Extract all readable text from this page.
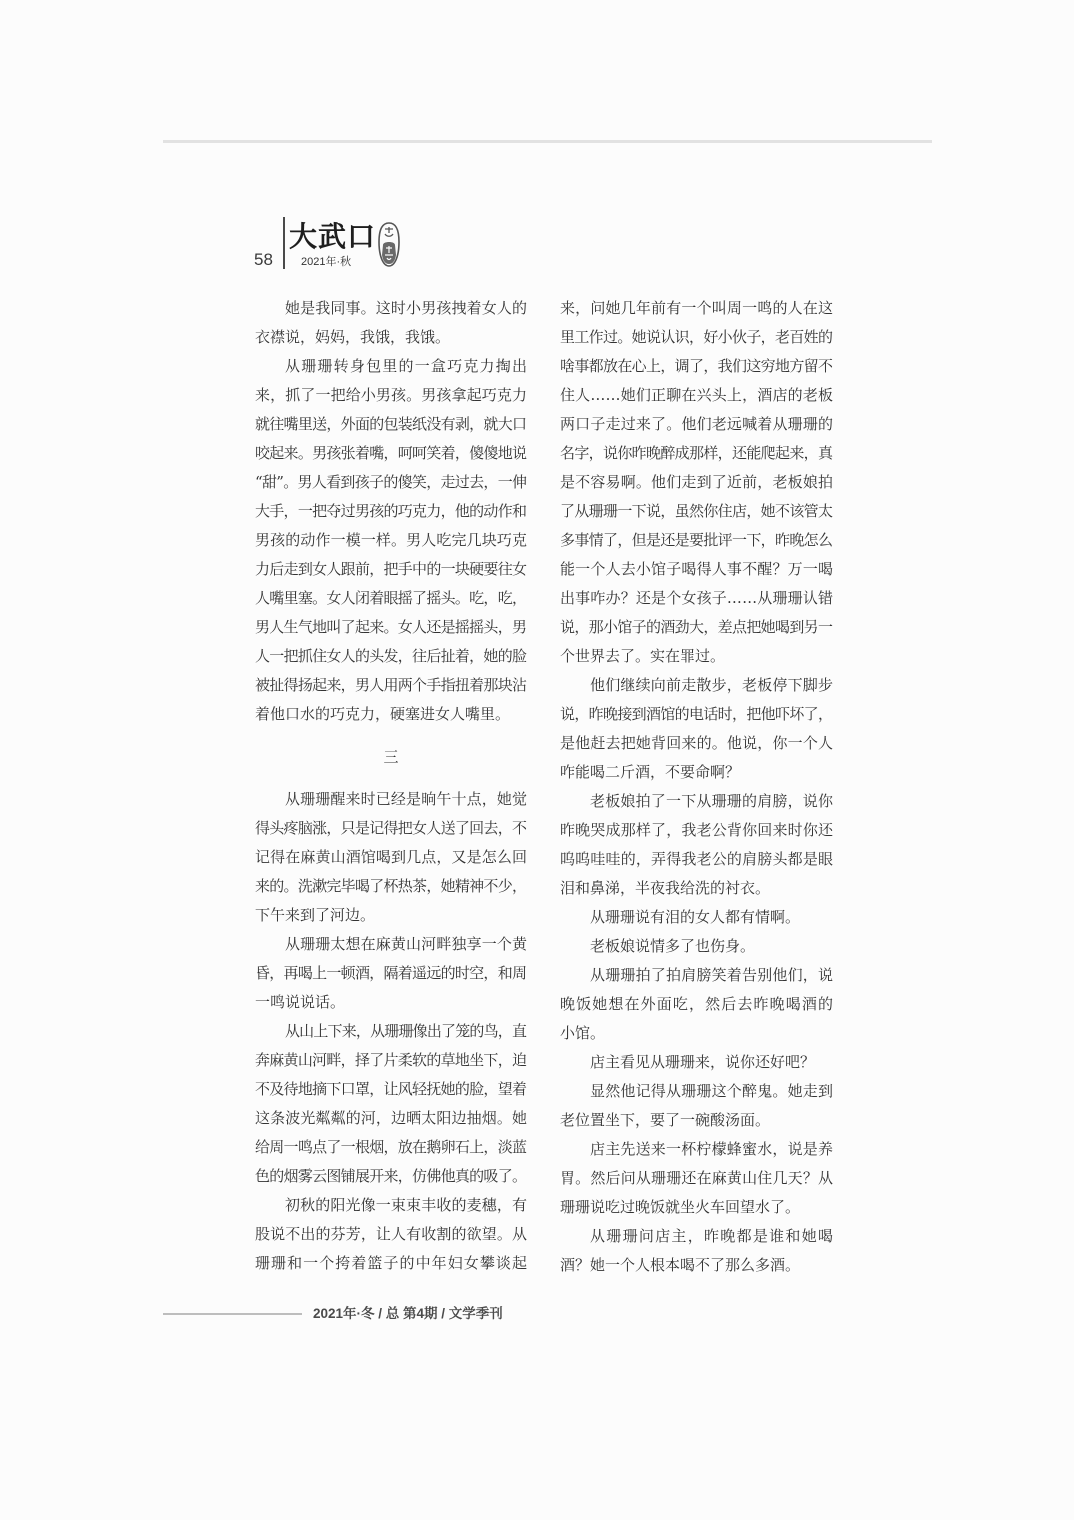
58
大武口
2021年·秋
她是我同事。这时小男孩拽着女人的
衣襟说，妈妈，我饿，我饿。
从珊珊转身包里的一盒巧克力掏出
来，抓了一把给小男孩。男孩拿起巧克力
就往嘴里送，外面的包装纸没有剥，就大口
咬起来。男孩张着嘴，呵呵笑着，傻傻地说
“甜”。男人看到孩子的傻笑，走过去，一伸
大手，一把夺过男孩的巧克力，他的动作和
男孩的动作一模一样。男人吃完几块巧克
力后走到女人跟前，把手中的一块硬要往女
人嘴里塞。女人闭着眼摇了摇头。吃，吃，
男人生气地叫了起来。女人还是摇摇头，男
人一把抓住女人的头发，往后扯着，她的脸
被扯得扬起来，男人用两个手指扭着那块沾
着他口水的巧克力，硬塞进女人嘴里。
三
从珊珊醒来时已经是晌午十点，她觉
得头疼脑涨，只是记得把女人送了回去，不
记得在麻黄山酒馆喝到几点，又是怎么回
来的。洗漱完毕喝了杯热茶，她精神不少，
下午来到了河边。
从珊珊太想在麻黄山河畔独享一个黄
昏，再喝上一顿酒，隔着遥远的时空，和周
一鸣说说话。
从山上下来，从珊珊像出了笼的鸟，直
奔麻黄山河畔，择了片柔软的草地坐下，迫
不及待地摘下口罩，让风轻抚她的脸，望着
这条波光粼粼的河，边晒太阳边抽烟。她
给周一鸣点了一根烟，放在鹅卵石上，淡蓝
色的烟雾云图铺展开来，仿佛他真的吸了。
初秋的阳光像一束束丰收的麦穗，有
股说不出的芬芳，让人有收割的欲望。从
珊珊和一个挎着篮子的中年妇女攀谈起
来，问她几年前有一个叫周一鸣的人在这
里工作过。她说认识，好小伙子，老百姓的
啥事都放在心上，调了，我们这穷地方留不
住人……她们正聊在兴头上，酒店的老板
两口子走过来了。他们老远喊着从珊珊的
名字，说你昨晚醉成那样，还能爬起来，真
是不容易啊。他们走到了近前，老板娘拍
了从珊珊一下说，虽然你住店，她不该管太
多事情了，但是还是要批评一下，昨晚怎么
能一个人去小馆子喝得人事不醒？万一喝
出事咋办？还是个女孩子……从珊珊认错
说，那小馆子的酒劲大，差点把她喝到另一
个世界去了。实在罪过。
他们继续向前走散步，老板停下脚步
说，昨晚接到酒馆的电话时，把他吓坏了，
是他赶去把她背回来的。他说，你一个人
咋能喝二斤酒，不要命啊？
老板娘拍了一下从珊珊的肩膀，说你
昨晚哭成那样了，我老公背你回来时你还
呜呜哇哇的，弄得我老公的肩膀头都是眼
泪和鼻涕，半夜我给洗的衬衣。
从珊珊说有泪的女人都有情啊。
老板娘说情多了也伤身。
从珊珊拍了拍肩膀笑着告别他们，说
晚饭她想在外面吃，然后去昨晚喝酒的
小馆。
店主看见从珊珊来，说你还好吧？
显然他记得从珊珊这个醉鬼。她走到
老位置坐下，要了一碗酸汤面。
店主先送来一杯柠檬蜂蜜水，说是养
胃。然后问从珊珊还在麻黄山住几天？从
珊珊说吃过晚饭就坐火车回望水了。
从珊珊问店主，昨晚都是谁和她喝
酒？她一个人根本喝不了那么多酒。
2021年·冬 / 总 第4期 / 文学季刊
